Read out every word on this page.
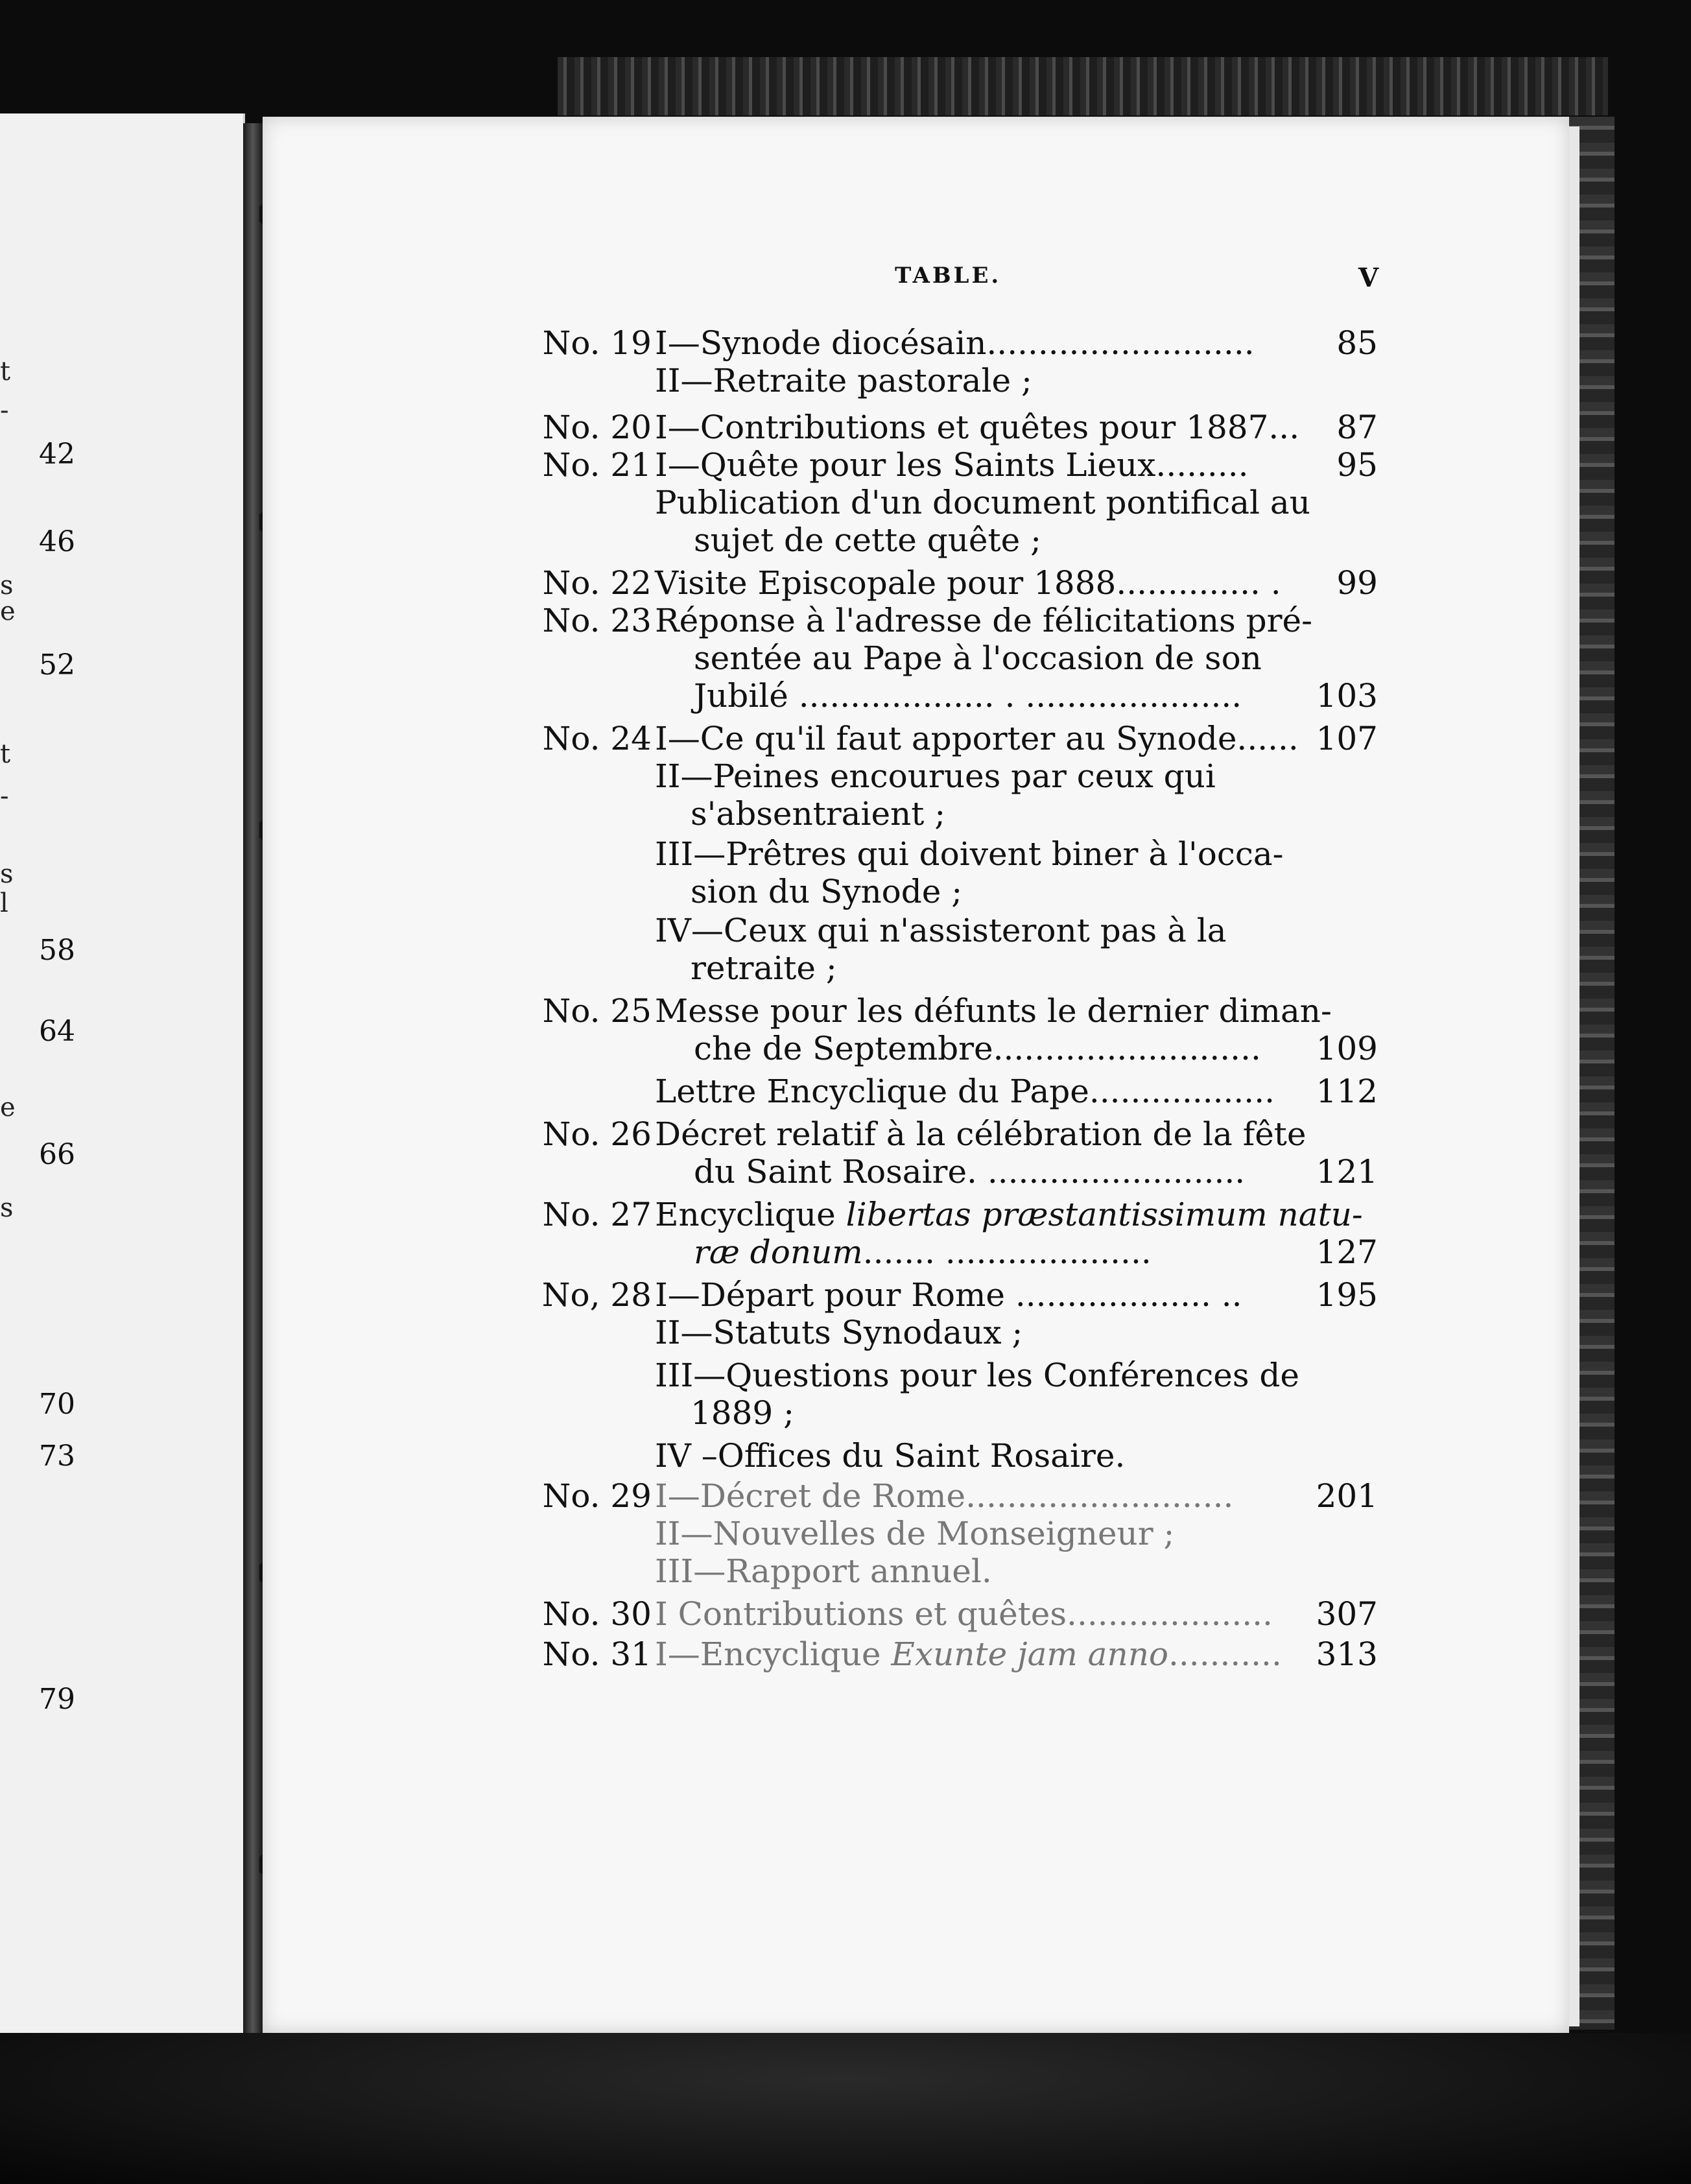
42
46
52
58
64
66
70
73
79
t
-
s
e
t
-
s
l
s
e
TABLE.	V
No. 19 I—Synode diocésain..........................	85
II—Retraite pastorale ;
No. 20 I—Contributions et quêtes pour 1887...	87
No. 21 I—Quête pour les Saints Lieux.........	95
Publication d'un document pontifical au
sujet de cette quête ;
No. 22 Visite Episcopale pour 1888.............. .	99
No. 23 Réponse à l'adresse de félicitations pré-
sentée au Pape à l'occasion de son
Jubilé ................... . .....................	103
No. 24 I—Ce qu'il faut apporter au Synode...... 107
II—Peines encourues par ceux qui
s'absentraient ;
III—Prêtres qui doivent biner à l'occa-
sion du Synode ;
IV—Ceux qui n'assisteront pas à la
retraite ;
No. 25 Messe pour les défunts le dernier diman-
che de Septembre..........................	109
Lettre Encyclique du Pape..................	112
No. 26 Décret relatif à la célébration de la fête
du Saint Rosaire. .........................	121
No. 27 Encyclique libertas præstantissimum natu-
ræ donum....... ....................	127
No, 28 I—Départ pour Rome ................... ..	195
II—Statuts Synodaux ;
III—Questions pour les Conférences de
1889 ;
IV –Offices du Saint Rosaire.
No. 29 I—Décret de Rome..........................	201
II—Nouvelles de Monseigneur ;
III—Rapport annuel.
No. 30 I Contributions et quêtes....................	307
No. 31 I—Encyclique Exunte jam anno...........	313
